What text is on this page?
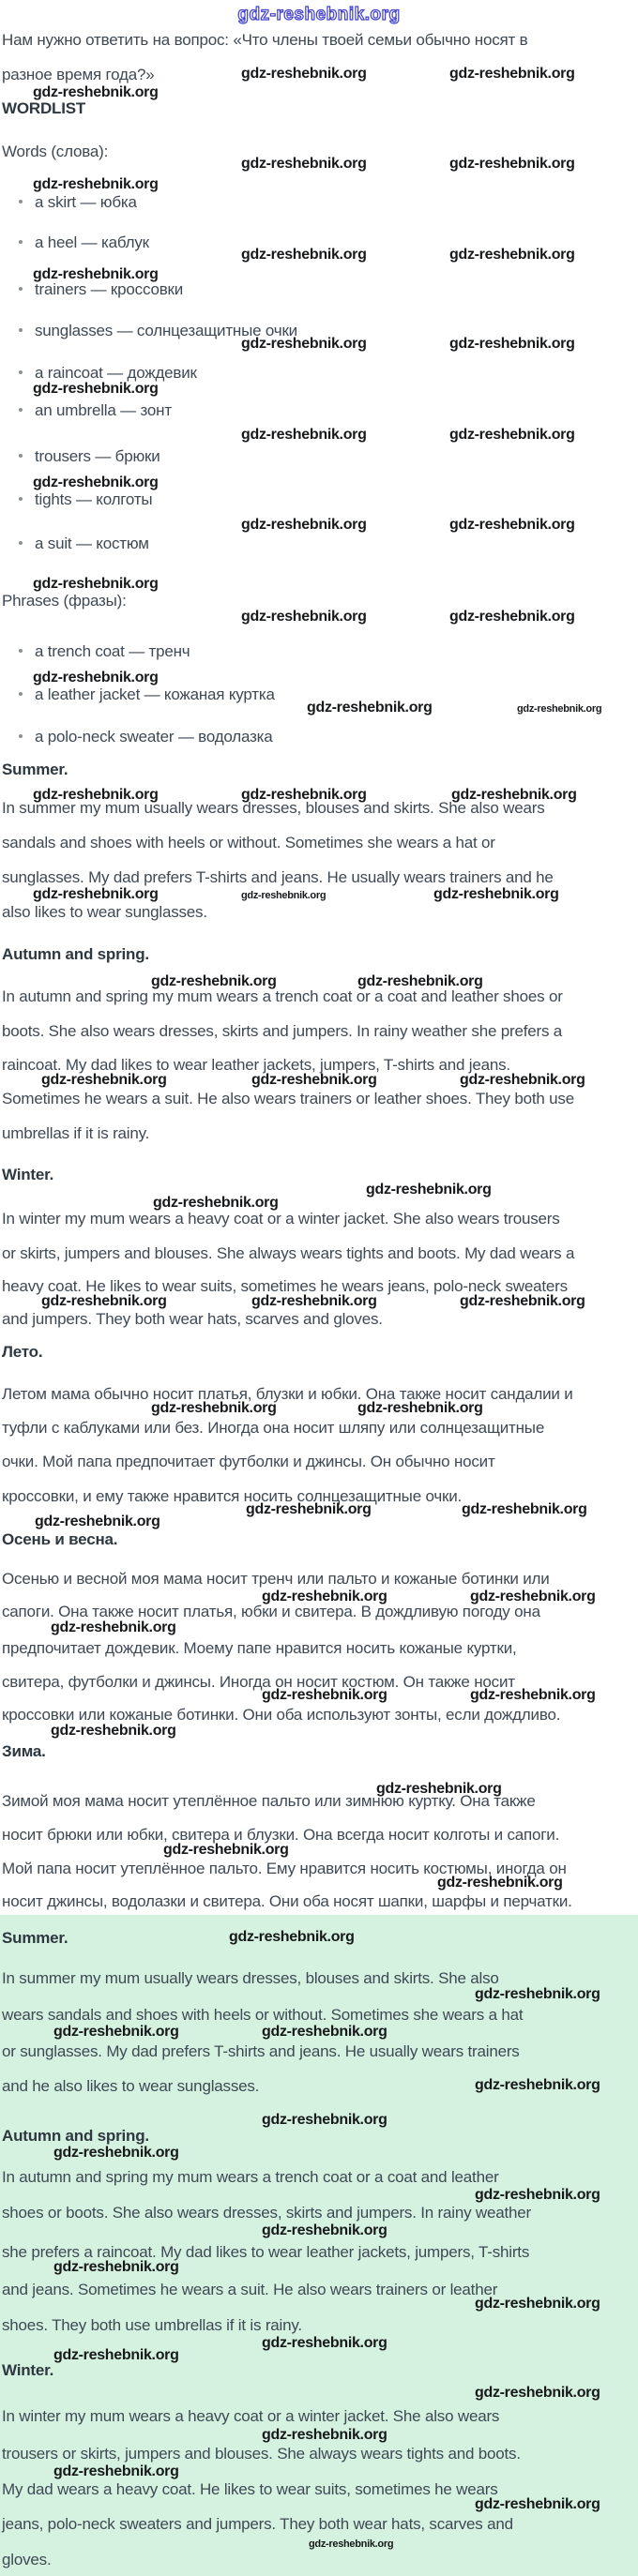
gdz-reshebnik.org
Нам нужно ответить на вопрос: «Что члены твоей семьи обычно носят в
разное время года?»	gdz-reshebnik.org	gdz-reshebnik.org
gdz-reshebnik.org
WORDLIST
Words (слова):
gdz-reshebnik.org	gdz-reshebnik.org
gdz-reshebnik.org
a skirt — юбка
a heel — каблук
gdz-reshebnik.org	gdz-reshebnik.org
gdz-reshebnik.org
trainers — кроссовки
sunglasses — солнцезащитные очки
gdz-reshebnik.org	gdz-reshebnik.org
a raincoat — дождевик
gdz-reshebnik.org
an umbrella — зонт
gdz-reshebnik.org	gdz-reshebnik.org
trousers — брюки
gdz-reshebnik.org
tights — колготы
gdz-reshebnik.org	gdz-reshebnik.org
a suit — костюм
gdz-reshebnik.org
Phrases (фразы):
gdz-reshebnik.org	gdz-reshebnik.org
a trench coat — тренч
gdz-reshebnik.org
a leather jacket — кожаная куртка
gdz-reshebnik.org	gdz-reshebnik.org
a polo-neck sweater — водолазка
Summer.
gdz-reshebnik.org	gdz-reshebnik.org	gdz-reshebnik.org
In summer my mum usually wears dresses, blouses and skirts. She also wears
sandals and shoes with heels or without. Sometimes she wears a hat or
sunglasses. My dad prefers T-shirts and jeans. He usually wears trainers and he
gdz-reshebnik.org	gdz-reshebnik.org	gdz-reshebnik.org
also likes to wear sunglasses.
Autumn and spring.
gdz-reshebnik.org	gdz-reshebnik.org
In autumn and spring my mum wears a trench coat or a coat and leather shoes or
boots. She also wears dresses, skirts and jumpers. In rainy weather she prefers a
raincoat. My dad likes to wear leather jackets, jumpers, T-shirts and jeans.
gdz-reshebnik.org	gdz-reshebnik.org	gdz-reshebnik.org
Sometimes he wears a suit. He also wears trainers or leather shoes. They both use
umbrellas if it is rainy.
Winter.
gdz-reshebnik.org
gdz-reshebnik.org
In winter my mum wears a heavy coat or a winter jacket. She also wears trousers
or skirts, jumpers and blouses. She always wears tights and boots. My dad wears a
heavy coat. He likes to wear suits, sometimes he wears jeans, polo-neck sweaters
gdz-reshebnik.org	gdz-reshebnik.org	gdz-reshebnik.org
and jumpers. They both wear hats, scarves and gloves.
Лето.
Летом мама обычно носит платья, блузки и юбки. Она также носит сандалии и
gdz-reshebnik.org	gdz-reshebnik.org
туфли с каблуками или без. Иногда она носит шляпу или солнцезащитные
очки. Мой папа предпочитает футболки и джинсы. Он обычно носит
кроссовки, и ему также нравится носить солнцезащитные очки.
gdz-reshebnik.org	gdz-reshebnik.org
gdz-reshebnik.org
Осень и весна.
Осенью и весной моя мама носит тренч или пальто и кожаные ботинки или
gdz-reshebnik.org	gdz-reshebnik.org
сапоги. Она также носит платья, юбки и свитера. В дождливую погоду она
gdz-reshebnik.org
предпочитает дождевик. Моему папе нравится носить кожаные куртки,
свитера, футболки и джинсы. Иногда он носит костюм. Он также носит
gdz-reshebnik.org	gdz-reshebnik.org
кроссовки или кожаные ботинки. Они оба используют зонты, если дождливо.
gdz-reshebnik.org
Зима.
gdz-reshebnik.org
Зимой моя мама носит утеплённое пальто или зимнюю куртку. Она также
носит брюки или юбки, свитера и блузки. Она всегда носит колготы и сапоги.
gdz-reshebnik.org
Мой папа носит утеплённое пальто. Ему нравится носить костюмы, иногда он
gdz-reshebnik.org
носит джинсы, водолазки и свитера. Они оба носят шапки, шарфы и перчатки.
Summer.	gdz-reshebnik.org
In summer my mum usually wears dresses, blouses and skirts. She also
gdz-reshebnik.org
wears sandals and shoes with heels or without. Sometimes she wears a hat
gdz-reshebnik.org	gdz-reshebnik.org
or sunglasses. My dad prefers T-shirts and jeans. He usually wears trainers
and he also likes to wear sunglasses.	gdz-reshebnik.org
gdz-reshebnik.org
Autumn and spring.
gdz-reshebnik.org
In autumn and spring my mum wears a trench coat or a coat and leather
gdz-reshebnik.org
shoes or boots. She also wears dresses, skirts and jumpers. In rainy weather
gdz-reshebnik.org
she prefers a raincoat. My dad likes to wear leather jackets, jumpers, T-shirts
gdz-reshebnik.org
and jeans. Sometimes he wears a suit. He also wears trainers or leather
gdz-reshebnik.org
shoes. They both use umbrellas if it is rainy.
gdz-reshebnik.org
gdz-reshebnik.org
Winter.
gdz-reshebnik.org
In winter my mum wears a heavy coat or a winter jacket. She also wears
gdz-reshebnik.org
trousers or skirts, jumpers and blouses. She always wears tights and boots.
gdz-reshebnik.org
My dad wears a heavy coat. He likes to wear suits, sometimes he wears
gdz-reshebnik.org
jeans, polo-neck sweaters and jumpers. They both wear hats, scarves and
gdz-reshebnik.org
gloves.
